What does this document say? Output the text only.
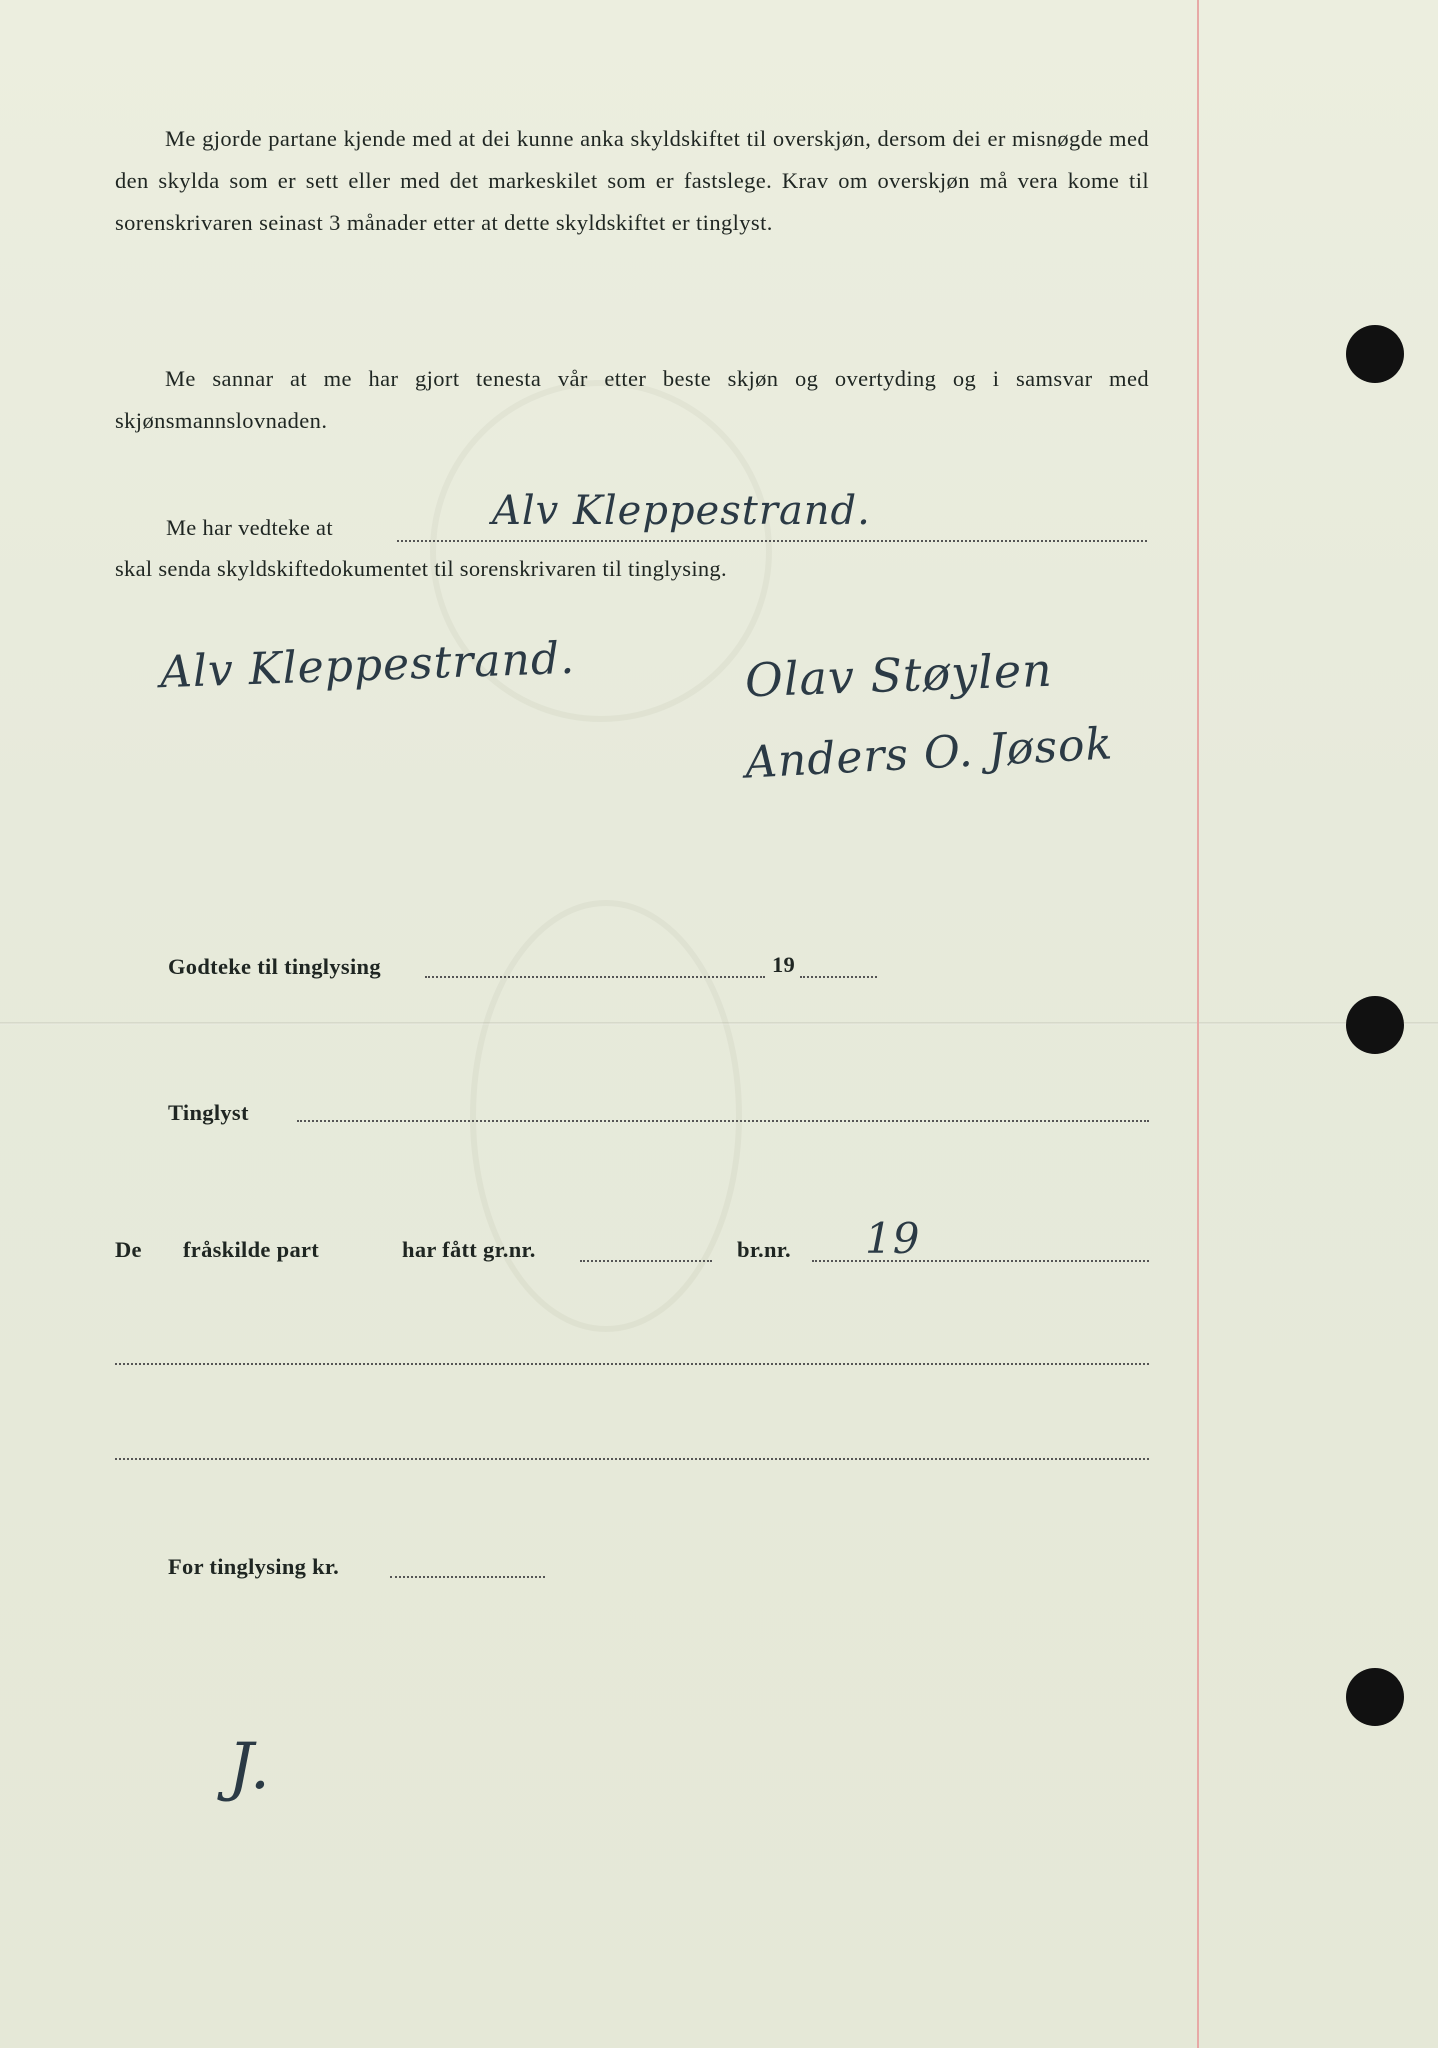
Me gjorde partane kjende med at dei kunne anka skyldskiftet til overskjøn, dersom dei er misnøgde med den skylda som er sett eller med det markeskilet som er fastslege. Krav om overskjøn må vera kome til sorenskrivaren seinast 3 månader etter at dette skyldskiftet er tinglyst.
Me sannar at me har gjort tenesta vår etter beste skjøn og overtyding og i samsvar med skjønsmannslovnaden.
Me har vedteke at	Alv Kleppestrand.
skal senda skyldskiftedokumentet til sorenskrivaren til tinglysing.
Alv Kleppestrand.	Olav Støylen
Anders O. Jøsok
Godteke til tinglysing	19
Tinglyst
De fråskilde part	har fått gr.nr.	br.nr. 19
For tinglysing kr.
J.
